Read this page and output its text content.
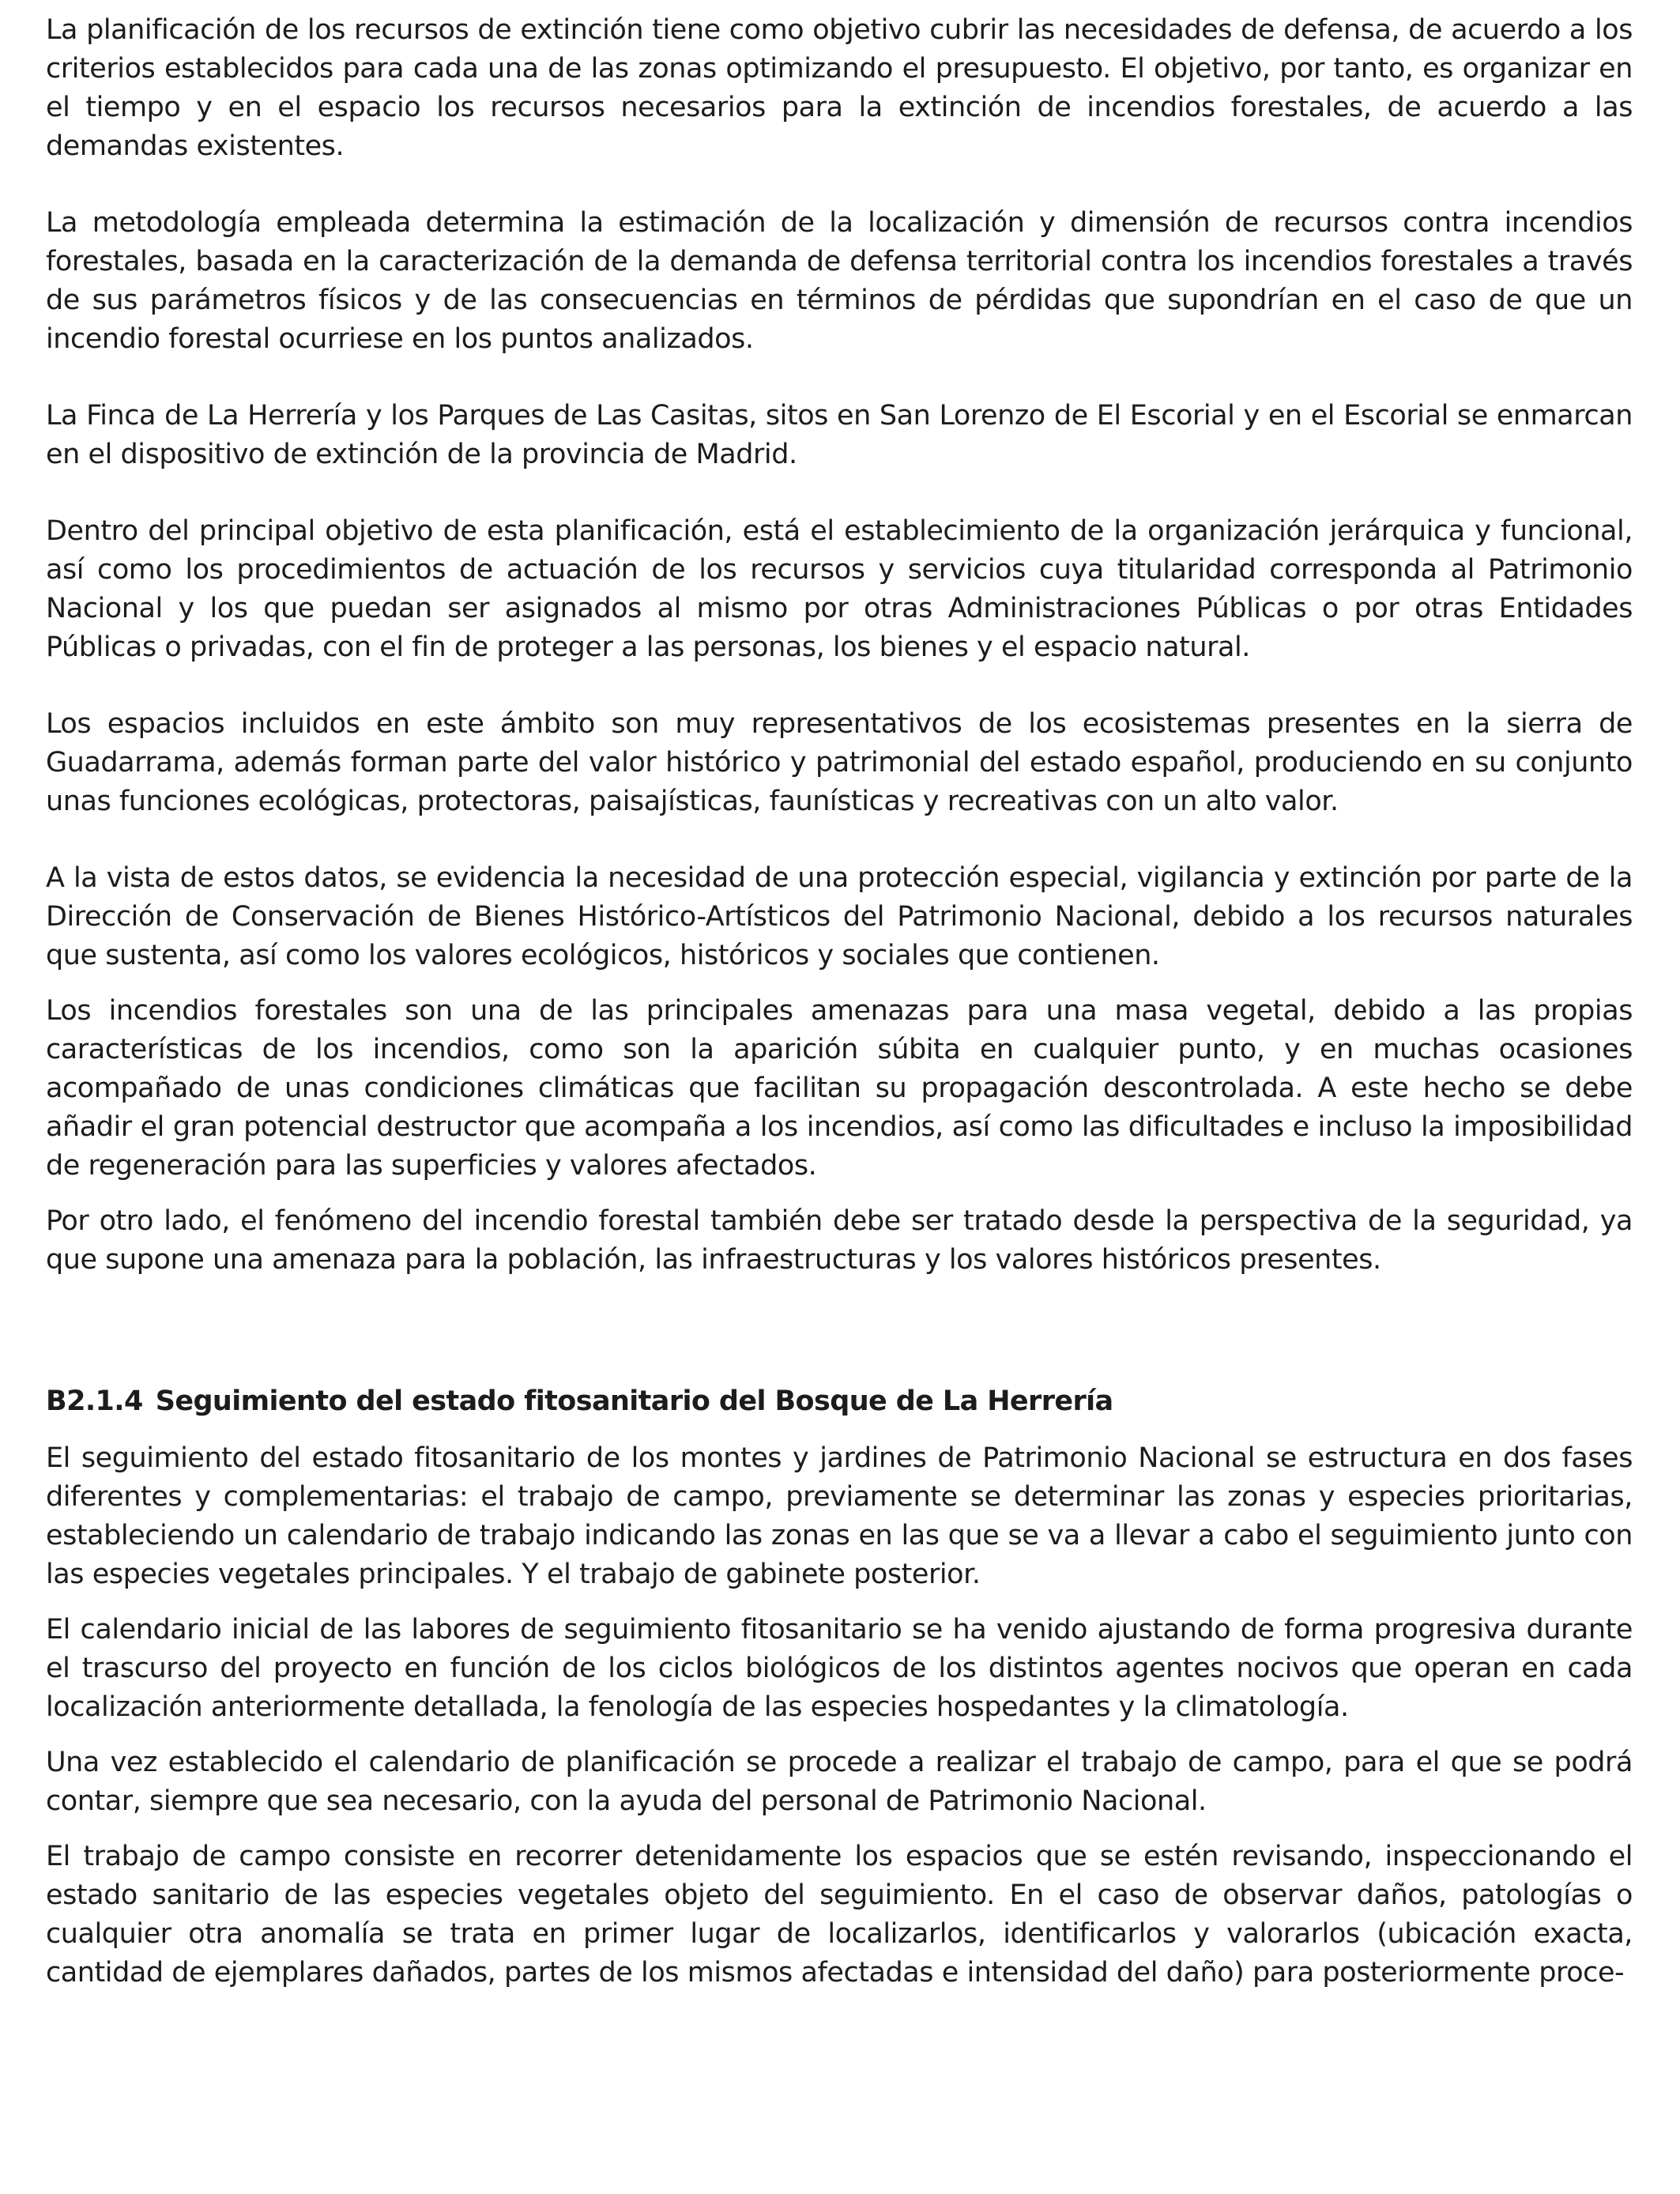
La planificación de los recursos de extinción tiene como objetivo cubrir las necesidades de defensa, de acuerdo a los criterios establecidos para cada una de las zonas optimizando el presupuesto. El objetivo, por tanto, es organizar en el tiempo y en el espacio los recursos necesarios para la extinción de incendios forestales, de acuerdo a las demandas existentes.

La metodología empleada determina la estimación de la localización y dimensión de recursos contra incendios forestales, basada en la caracterización de la demanda de defensa territorial contra los incendios forestales a través de sus parámetros físicos y de las consecuencias en términos de pérdidas que supondrían en el caso de que un incendio forestal ocurriese en los puntos analizados.

La Finca de La Herrería y los Parques de Las Casitas, sitos en San Lorenzo de El Escorial y en el Escorial se enmarcan en el dispositivo de extinción de la provincia de Madrid.

Dentro del principal objetivo de esta planificación, está el establecimiento de la organización jerárquica y funcional, así como los procedimientos de actuación de los recursos y servicios cuya titularidad corresponda al Patrimonio Nacional y los que puedan ser asignados al mismo por otras Administraciones Públicas o por otras Entidades Públicas o privadas, con el fin de proteger a las personas, los bienes y el espacio natural.

Los espacios incluidos en este ámbito son muy representativos de los ecosistemas presentes en la sierra de Guadarrama, además forman parte del valor histórico y patrimonial del estado español, produciendo en su conjunto unas funciones ecológicas, protectoras, paisajísticas, faunísticas y recreativas con un alto valor.

A la vista de estos datos, se evidencia la necesidad de una protección especial, vigilancia y extinción por parte de la Dirección de Conservación de Bienes Histórico-Artísticos del Patrimonio Nacional, debido a los recursos naturales que sustenta, así como los valores ecológicos, históricos y sociales que contienen.

Los incendios forestales son una de las principales amenazas para una masa vegetal, debido a las propias características de los incendios, como son la aparición súbita en cualquier punto, y en muchas ocasiones acompañado de unas condiciones climáticas que facilitan su propagación descontrolada. A este hecho se debe añadir el gran potencial destructor que acompaña a los incendios, así como las dificultades e incluso la imposibilidad de regeneración para las superficies y valores afectados.

Por otro lado, el fenómeno del incendio forestal también debe ser tratado desde la perspectiva de la seguridad, ya que supone una amenaza para la población, las infraestructuras y los valores históricos presentes.

B2.1.4 Seguimiento del estado fitosanitario del Bosque de La Herrería

El seguimiento del estado fitosanitario de los montes y jardines de Patrimonio Nacional se estructura en dos fases diferentes y complementarias: el trabajo de campo, previamente se determinar las zonas y especies prioritarias, estableciendo un calendario de trabajo indicando las zonas en las que se va a llevar a cabo el seguimiento junto con las especies vegetales principales. Y el trabajo de gabinete posterior.

El calendario inicial de las labores de seguimiento fitosanitario se ha venido ajustando de forma progresiva durante el trascurso del proyecto en función de los ciclos biológicos de los distintos agentes nocivos que operan en cada localización anteriormente detallada, la fenología de las especies hospedantes y la climatología.

Una vez establecido el calendario de planificación se procede a realizar el trabajo de campo, para el que se podrá contar, siempre que sea necesario, con la ayuda del personal de Patrimonio Nacional.

El trabajo de campo consiste en recorrer detenidamente los espacios que se estén revisando, inspeccionando el estado sanitario de las especies vegetales objeto del seguimiento. En el caso de observar daños, patologías o cualquier otra anomalía se trata en primer lugar de localizarlos, identificarlos y valorarlos (ubicación exacta, cantidad de ejemplares dañados, partes de los mismos afectadas e intensidad del daño) para posteriormente proce-
